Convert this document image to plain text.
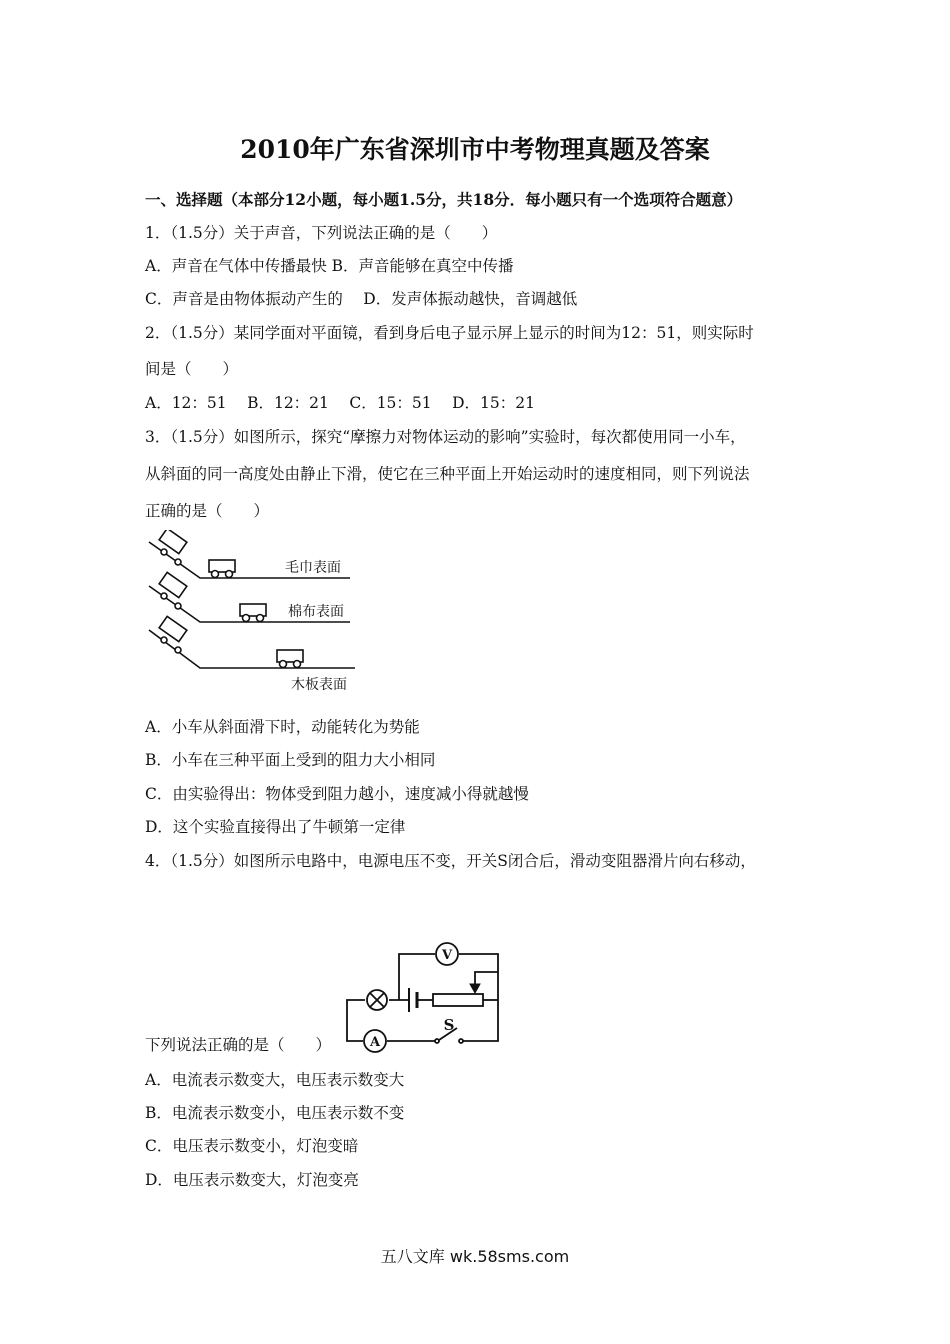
2010年广东省深圳市中考物理真题及答案
一、选择题（本部分12小题，每小题1.5分，共18分．每小题只有一个选项符合题意）
1．（1.5分）关于声音，下列说法正确的是（　　）
A．声音在气体中传播最快 B．声音能够在真空中传播
C．声音是由物体振动产生的　 D．发声体振动越快，音调越低
2．（1.5分）某同学面对平面镜，看到身后电子显示屏上显示的时间为12：51，则实际时
间是（　　）
A．12：51　 B．12：21　 C．15：51　 D．15：21
3．（1.5分）如图所示，探究“摩擦力对物体运动的影响”实验时，每次都使用同一小车，
从斜面的同一高度处由静止下滑，使它在三种平面上开始运动时的速度相同，则下列说法
正确的是（　　）
毛巾表面
棉布表面
木板表面
A．小车从斜面滑下时，动能转化为势能
B．小车在三种平面上受到的阻力大小相同
C．由实验得出：物体受到阻力越小，速度减小得就越慢
D．这个实验直接得出了牛顿第一定律
4．（1.5分）如图所示电路中，电源电压不变，开关S闭合后，滑动变阻器滑片向右移动，
V
A
S
下列说法正确的是（　　）
A．电流表示数变大，电压表示数变大
B．电流表示数变小，电压表示数不变
C．电压表示数变小，灯泡变暗
D．电压表示数变大，灯泡变亮
五八文库 wk.58sms.com
